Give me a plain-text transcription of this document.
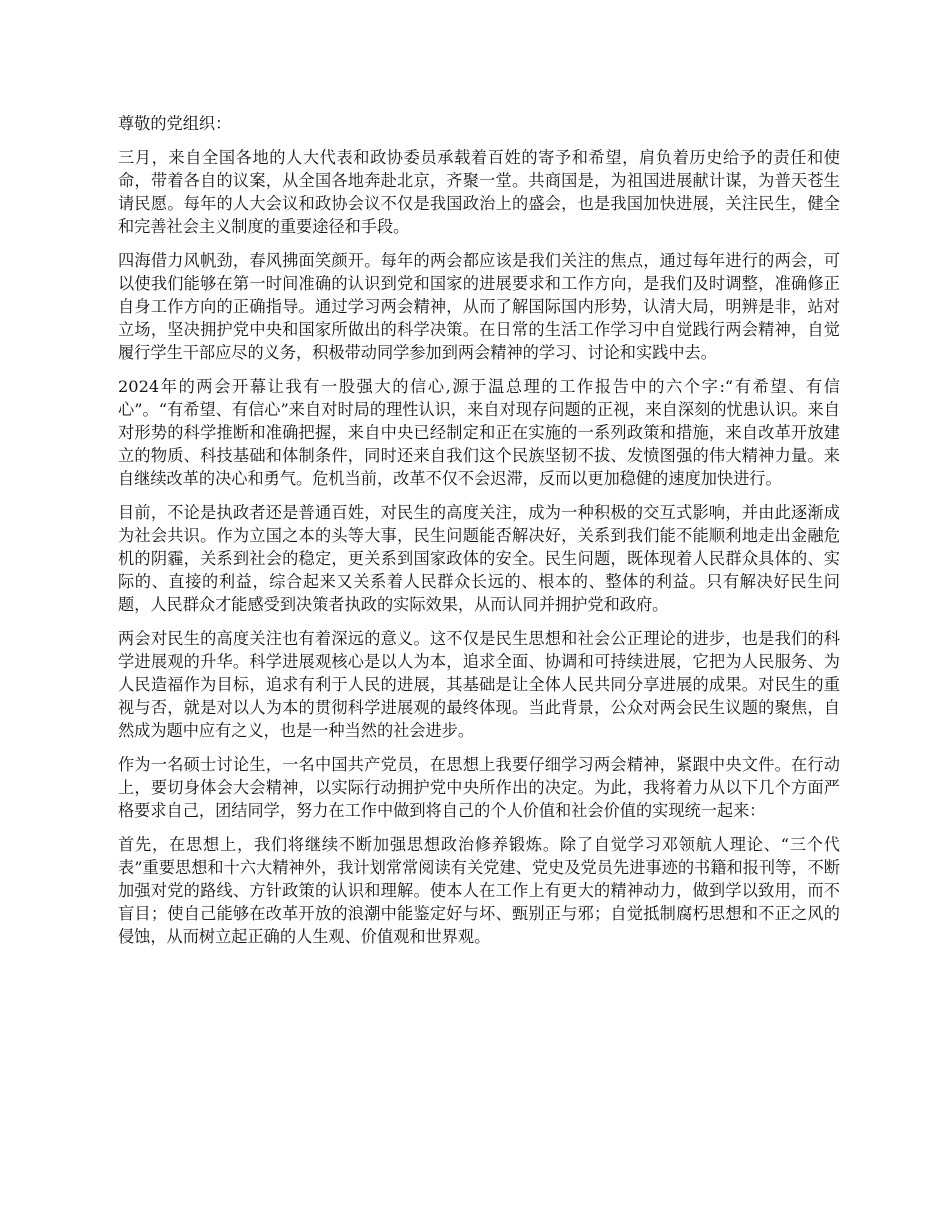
尊敬的党组织：

三月，来自全国各地的人大代表和政协委员承载着百姓的寄予和希望，肩负着历史给予的责任和使命，带着各自的议案，从全国各地奔赴北京，齐聚一堂。共商国是，为祖国进展献计谋，为普天苍生请民愿。每年的人大会议和政协会议不仅是我国政治上的盛会，也是我国加快进展，关注民生，健全和完善社会主义制度的重要途径和手段。

四海借力风帆劲，春风拂面笑颜开。每年的两会都应该是我们关注的焦点，通过每年进行的两会，可以使我们能够在第一时间准确的认识到党和国家的进展要求和工作方向，是我们及时调整，准确修正自身工作方向的正确指导。通过学习两会精神，从而了解国际国内形势，认清大局，明辨是非，站对立场，坚决拥护党中央和国家所做出的科学决策。在日常的生活工作学习中自觉践行两会精神，自觉履行学生干部应尽的义务，积极带动同学参加到两会精神的学习、讨论和实践中去。

2024年的两会开幕让我有一股强大的信心,源于温总理的工作报告中的六个字:“有希望、有信心”。“有希望、有信心”来自对时局的理性认识，来自对现存问题的正视，来自深刻的忧患认识。来自对形势的科学推断和准确把握，来自中央已经制定和正在实施的一系列政策和措施，来自改革开放建立的物质、科技基础和体制条件，同时还来自我们这个民族坚韧不拔、发愤图强的伟大精神力量。来自继续改革的决心和勇气。危机当前，改革不仅不会迟滞，反而以更加稳健的速度加快进行。

目前，不论是执政者还是普通百姓，对民生的高度关注，成为一种积极的交互式影响，并由此逐渐成为社会共识。作为立国之本的头等大事，民生问题能否解决好，关系到我们能不能顺利地走出金融危机的阴霾，关系到社会的稳定，更关系到国家政体的安全。民生问题，既体现着人民群众具体的、实际的、直接的利益，综合起来又关系着人民群众长远的、根本的、整体的利益。只有解决好民生问题，人民群众才能感受到决策者执政的实际效果，从而认同并拥护党和政府。

两会对民生的高度关注也有着深远的意义。这不仅是民生思想和社会公正理论的进步，也是我们的科学进展观的升华。科学进展观核心是以人为本，追求全面、协调和可持续进展，它把为人民服务、为人民造福作为目标，追求有利于人民的进展，其基础是让全体人民共同分享进展的成果。对民生的重视与否，就是对以人为本的贯彻科学进展观的最终体现。当此背景，公众对两会民生议题的聚焦，自然成为题中应有之义，也是一种当然的社会进步。

作为一名硕士讨论生，一名中国共产党员，在思想上我要仔细学习两会精神，紧跟中央文件。在行动上，要切身体会大会精神，以实际行动拥护党中央所作出的决定。为此，我将着力从以下几个方面严格要求自己，团结同学，努力在工作中做到将自己的个人价值和社会价值的实现统一起来：

首先，在思想上，我们将继续不断加强思想政治修养锻炼。除了自觉学习邓领航人理论、“三个代表”重要思想和十六大精神外，我计划常常阅读有关党建、党史及党员先进事迹的书籍和报刊等，不断加强对党的路线、方针政策的认识和理解。使本人在工作上有更大的精神动力，做到学以致用，而不盲目；使自己能够在改革开放的浪潮中能鉴定好与坏、甄别正与邪；自觉抵制腐朽思想和不正之风的侵蚀，从而树立起正确的人生观、价值观和世界观。
